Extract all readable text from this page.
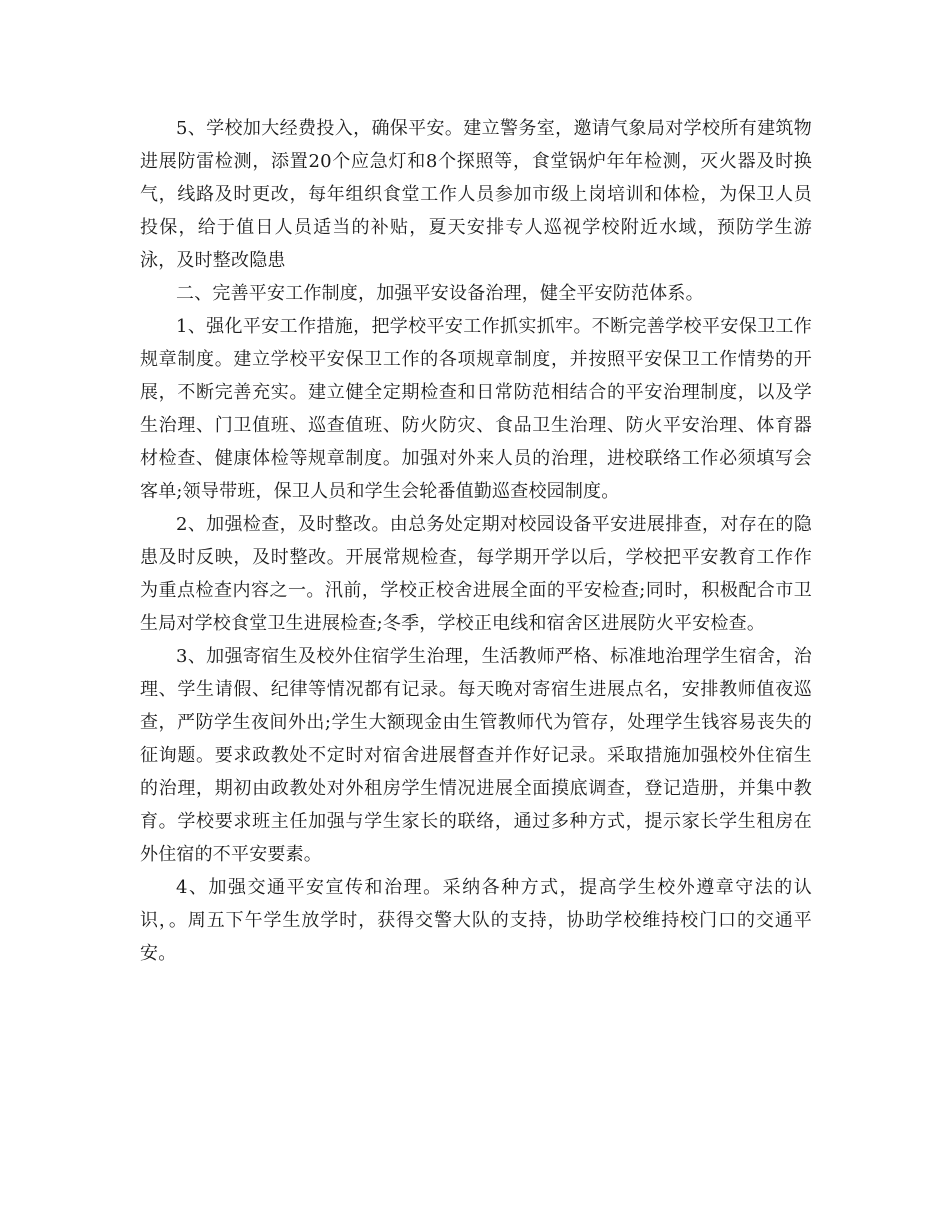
5、学校加大经费投入，确保平安。建立警务室，邀请气象局对学校所有建筑物进展防雷检测，添置20个应急灯和8个探照等，食堂锅炉年年检测，灭火器及时换气，线路及时更改，每年组织食堂工作人员参加市级上岗培训和体检，为保卫人员投保，给于值日人员适当的补贴，夏天安排专人巡视学校附近水域，预防学生游泳，及时整改隐患

二、完善平安工作制度，加强平安设备治理，健全平安防范体系。

1、强化平安工作措施，把学校平安工作抓实抓牢。不断完善学校平安保卫工作规章制度。建立学校平安保卫工作的各项规章制度，并按照平安保卫工作情势的开展，不断完善充实。建立健全定期检查和日常防范相结合的平安治理制度，以及学生治理、门卫值班、巡查值班、防火防灾、食品卫生治理、防火平安治理、体育器材检查、健康体检等规章制度。加强对外来人员的治理，进校联络工作必须填写会客单;领导带班，保卫人员和学生会轮番值勤巡查校园制度。

2、加强检查，及时整改。由总务处定期对校园设备平安进展排查，对存在的隐患及时反映，及时整改。开展常规检查，每学期开学以后，学校把平安教育工作作为重点检查内容之一。汛前，学校正校舍进展全面的平安检查;同时，积极配合市卫生局对学校食堂卫生进展检查;冬季，学校正电线和宿舍区进展防火平安检查。

3、加强寄宿生及校外住宿学生治理，生活教师严格、标准地治理学生宿舍，治理、学生请假、纪律等情况都有记录。每天晚对寄宿生进展点名，安排教师值夜巡查，严防学生夜间外出;学生大额现金由生管教师代为管存，处理学生钱容易丧失的征询题。要求政教处不定时对宿舍进展督查并作好记录。采取措施加强校外住宿生的治理，期初由政教处对外租房学生情况进展全面摸底调查，登记造册，并集中教育。学校要求班主任加强与学生家长的联络，通过多种方式，提示家长学生租房在外住宿的不平安要素。

4、加强交通平安宣传和治理。采纳各种方式，提高学生校外遵章守法的认识，。周五下午学生放学时，获得交警大队的支持，协助学校维持校门口的交通平安。
